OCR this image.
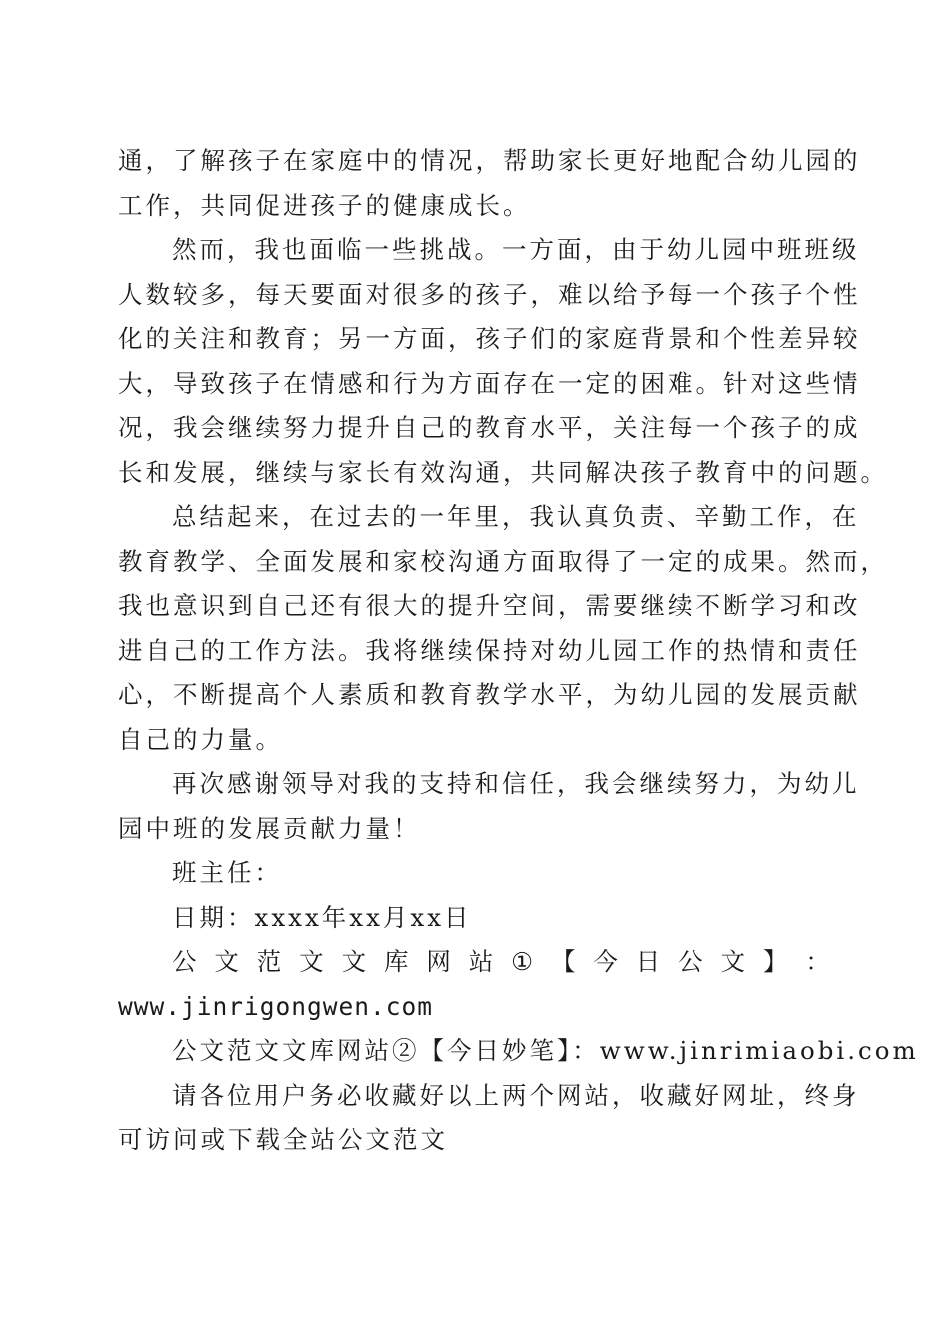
通，了解孩子在家庭中的情况，帮助家长更好地配合幼儿园的
工作，共同促进孩子的健康成长。
然而，我也面临一些挑战。一方面，由于幼儿园中班班级
人数较多，每天要面对很多的孩子，难以给予每一个孩子个性
化的关注和教育；另一方面，孩子们的家庭背景和个性差异较
大，导致孩子在情感和行为方面存在一定的困难。针对这些情
况，我会继续努力提升自己的教育水平，关注每一个孩子的成
长和发展，继续与家长有效沟通，共同解决孩子教育中的问题。
总结起来，在过去的一年里，我认真负责、辛勤工作，在
教育教学、全面发展和家校沟通方面取得了一定的成果。然而，
我也意识到自己还有很大的提升空间，需要继续不断学习和改
进自己的工作方法。我将继续保持对幼儿园工作的热情和责任
心，不断提高个人素质和教育教学水平，为幼儿园的发展贡献
自己的力量。
再次感谢领导对我的支持和信任，我会继续努力，为幼儿
园中班的发展贡献力量！
班主任：
日期：xxxx年xx月xx日
公 文 范 文 文 库 网 站 ① 【 今 日 公 文 】 ：
www.jinrigongwen.com
公文范文文库网站②【今日妙笔】：www.jinrimiaobi.com
请各位用户务必收藏好以上两个网站，收藏好网址，终身
可访问或下载全站公文范文
